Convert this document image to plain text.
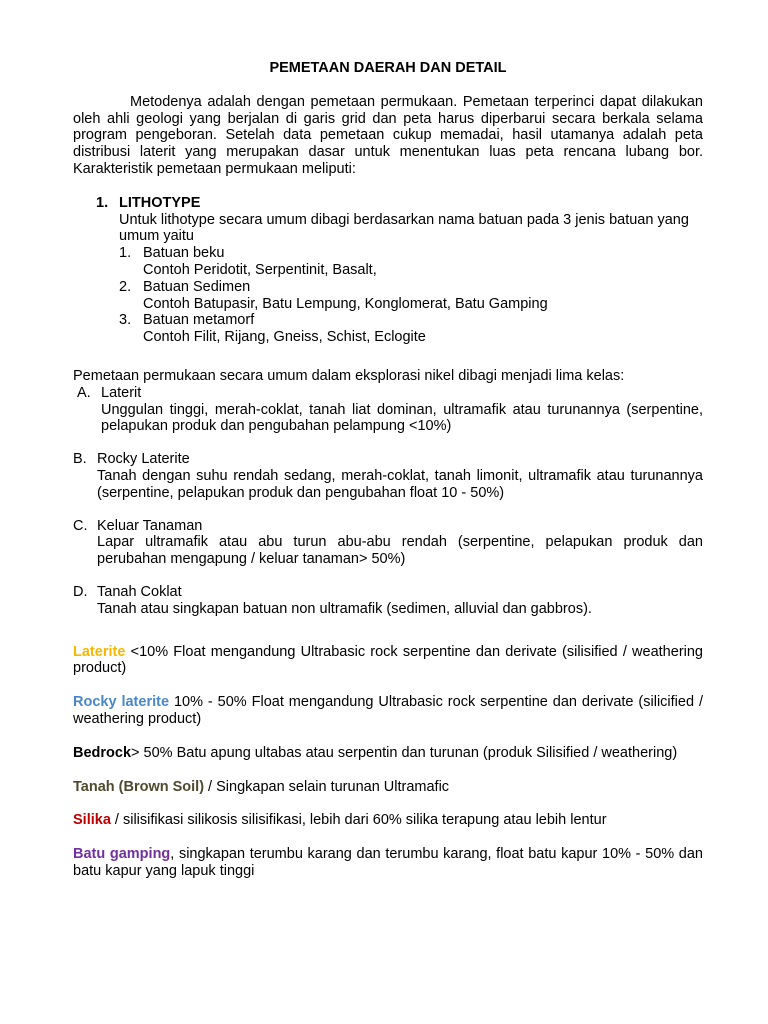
PEMETAAN DAERAH DAN DETAIL

Metodenya adalah dengan pemetaan permukaan. Pemetaan terperinci dapat dilakukan oleh ahli geologi yang berjalan di garis grid dan peta harus diperbarui secara berkala selama program pengeboran. Setelah data pemetaan cukup memadai, hasil utamanya adalah peta distribusi laterit yang merupakan dasar untuk menentukan luas peta rencana lubang bor. Karakteristik pemetaan permukaan meliputi:

1. LITHOTYPE
Untuk lithotype secara umum dibagi berdasarkan nama batuan pada 3 jenis batuan yang umum yaitu
1. Batuan beku
Contoh Peridotit, Serpentinit, Basalt,
2. Batuan Sedimen
Contoh Batupasir, Batu Lempung, Konglomerat, Batu Gamping
3. Batuan metamorf
Contoh Filit, Rijang, Gneiss, Schist, Eclogite
Pemetaan permukaan secara umum dalam eksplorasi nikel dibagi menjadi lima kelas:
A. Laterit
Unggulan tinggi, merah-coklat, tanah liat dominan, ultramafik atau turunannya (serpentine, pelapukan produk dan pengubahan pelampung <10%)
B. Rocky Laterite
Tanah dengan suhu rendah sedang, merah-coklat, tanah limonit, ultramafik atau turunannya (serpentine, pelapukan produk dan pengubahan float 10 - 50%)
C. Keluar Tanaman
Lapar ultramafik atau abu turun abu-abu rendah (serpentine, pelapukan produk dan perubahan mengapung / keluar tanaman> 50%)
D. Tanah Coklat
Tanah atau singkapan batuan non ultramafik (sedimen, alluvial dan gabbros).

Laterite <10% Float mengandung Ultrabasic rock serpentine dan derivate (silisified / weathering product)

Rocky laterite 10% - 50% Float mengandung Ultrabasic rock serpentine dan derivate (silicified / weathering product)

Bedrock> 50% Batu apung ultabas atau serpentin dan turunan (produk Silisified / weathering)

Tanah (Brown Soil) / Singkapan selain turunan Ultramafic

Silika / silisifikasi silikosis silisifikasi, lebih dari 60% silika terapung atau lebih lentur

Batu gamping, singkapan terumbu karang dan terumbu karang, float batu kapur 10% - 50% dan batu kapur yang lapuk tinggi
